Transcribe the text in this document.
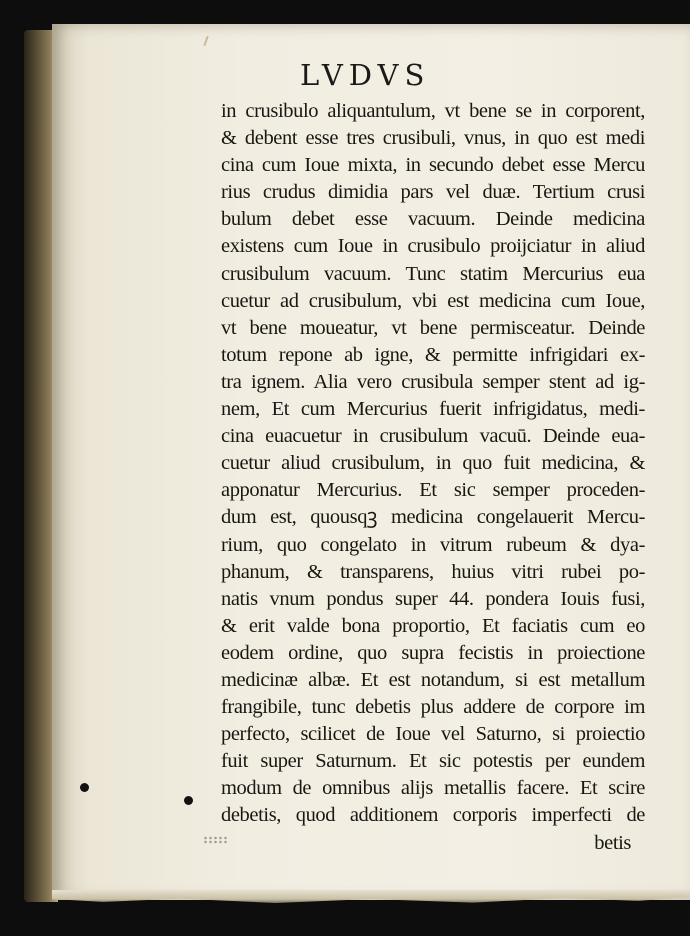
LVDVS
in crusibulo aliquantulum, vt bene se in corporent,
& debent esse tres crusibuli, vnus, in quo est medi
cina cum Ioue mixta, in secundo debet esse Mercu
rius crudus dimidia pars vel duæ. Tertium crusi
bulum debet esse vacuum. Deinde medicina
existens cum Ioue in crusibulo proijciatur in aliud
crusibulum vacuum. Tunc statim Mercurius eua
cuetur ad crusibulum, vbi est medicina cum Ioue,
vt bene moueatur, vt bene permisceatur. Deinde
totum repone ab igne, & permitte infrigidari ex-
tra ignem. Alia vero crusibula semper stent ad ig-
nem, Et cum Mercurius fuerit infrigidatus, medi-
cina euacuetur in crusibulum vacuū. Deinde eua-
cuetur aliud crusibulum, in quo fuit medicina, &
apponatur Mercurius. Et sic semper proceden-
dum est, quousqꝫ medicina congelauerit Mercu-
rium, quo congelato in vitrum rubeum & dya-
phanum, & transparens, huius vitri rubei po-
natis vnum pondus super 44. pondera Iouis fusi,
& erit valde bona proportio, Et faciatis cum eo
eodem ordine, quo supra fecistis in proiectione
medicinæ albæ. Et est notandum, si est metallum
frangibile, tunc debetis plus addere de corpore im
perfecto, scilicet de Ioue vel Saturno, si proiectio
fuit super Saturnum. Et sic potestis per eundem
modum de omnibus alijs metallis facere. Et scire
debetis, quod additionem corporis imperfecti de
betis
